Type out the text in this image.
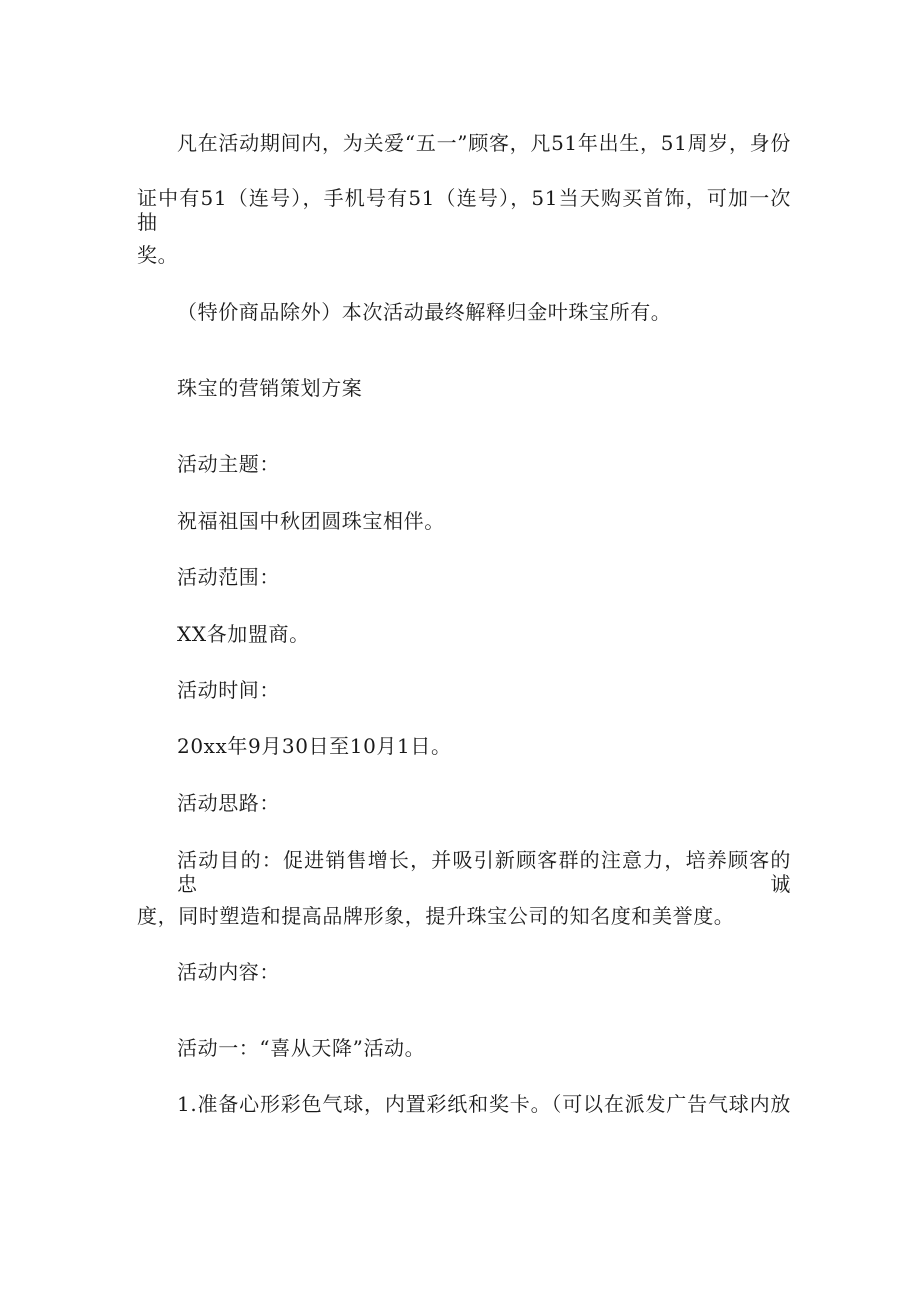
凡在活动期间内，为关爱“五一”顾客，凡51年出生，51周岁，身份

证中有51（连号），手机号有51（连号），51当天购买首饰，可加一次抽

奖。

（特价商品除外）本次活动最终解释归金叶珠宝所有。

珠宝的营销策划方案

活动主题：

祝福祖国中秋团圆珠宝相伴。

活动范围：

XX各加盟商。

活动时间：

20xx年9月30日至10月1日。

活动思路：

活动目的：促进销售增长，并吸引新顾客群的注意力，培养顾客的忠诚

度，同时塑造和提高品牌形象，提升珠宝公司的知名度和美誉度。

活动内容：

活动一：“喜从天降”活动。

1.准备心形彩色气球，内置彩纸和奖卡。（可以在派发广告气球内放
